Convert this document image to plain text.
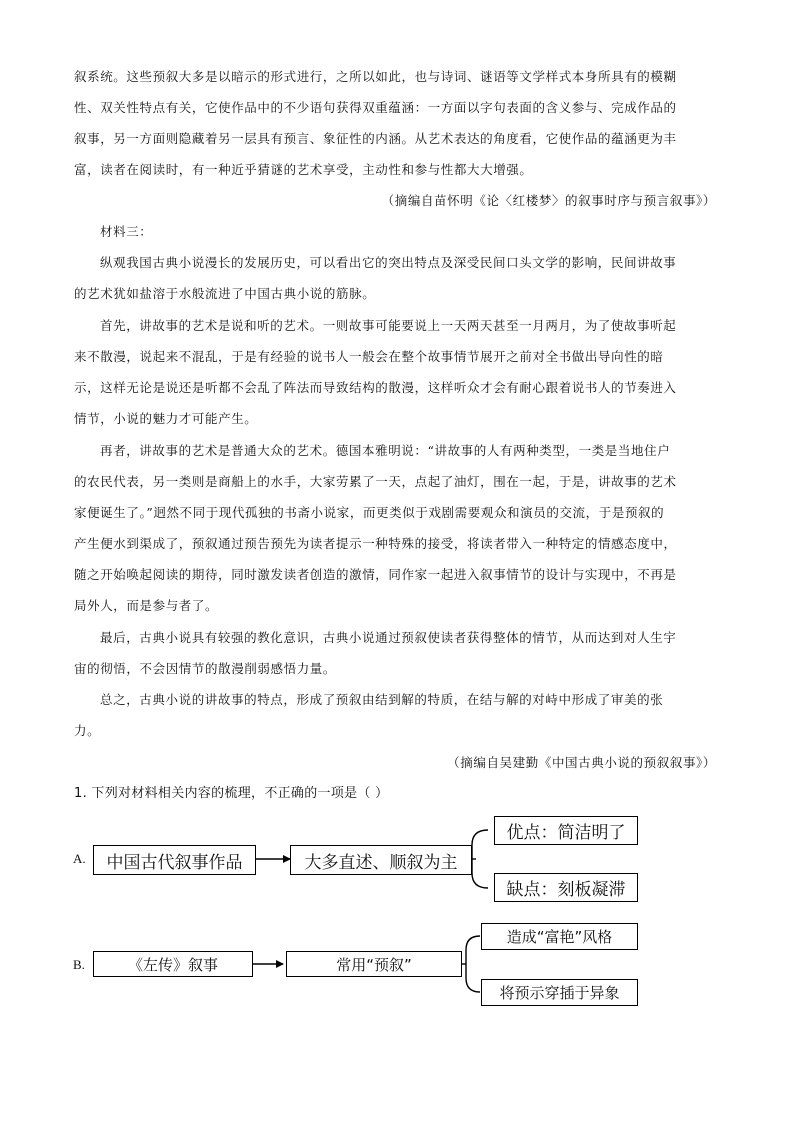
叙系统。这些预叙大多是以暗示的形式进行，之所以如此，也与诗词、谜语等文学样式本身所具有的模糊
性、双关性特点有关，它使作品中的不少语句获得双重蕴涵：一方面以字句表面的含义参与、完成作品的
叙事，另一方面则隐藏着另一层具有预言、象征性的内涵。从艺术表达的角度看，它使作品的蕴涵更为丰
富，读者在阅读时，有一种近乎猜谜的艺术享受，主动性和参与性都大大增强。
（摘编自苗怀明《论〈红楼梦〉的叙事时序与预言叙事》）
材料三：
纵观我国古典小说漫长的发展历史，可以看出它的突出特点及深受民间口头文学的影响，民间讲故事
的艺术犹如盐溶于水般流进了中国古典小说的筋脉。
首先，讲故事的艺术是说和听的艺术。一则故事可能要说上一天两天甚至一月两月，为了使故事听起
来不散漫，说起来不混乱，于是有经验的说书人一般会在整个故事情节展开之前对全书做出导向性的暗
示，这样无论是说还是听都不会乱了阵法而导致结构的散漫，这样听众才会有耐心跟着说书人的节奏进入
情节，小说的魅力才可能产生。
再者，讲故事的艺术是普通大众的艺术。德国本雅明说：“讲故事的人有两种类型，一类是当地住户
的农民代表，另一类则是商船上的水手，大家劳累了一天，点起了油灯，围在一起，于是，讲故事的艺术
家便诞生了。”迥然不同于现代孤独的书斋小说家，而更类似于戏剧需要观众和演员的交流，于是预叙的
产生便水到渠成了，预叙通过预告预先为读者提示一种特殊的接受，将读者带入一种特定的情感态度中，
随之开始唤起阅读的期待，同时激发读者创造的激情，同作家一起进入叙事情节的设计与实现中，不再是
局外人，而是参与者了。
最后，古典小说具有较强的教化意识，古典小说通过预叙使读者获得整体的情节，从而达到对人生宇
宙的彻悟，不会因情节的散漫削弱感悟力量。
总之，古典小说的讲故事的特点，形成了预叙由结到解的特质，在结与解的对峙中形成了审美的张
力。
（摘编自吴建勤《中国古典小说的预叙叙事》）
1. 下列对材料相关内容的梳理，不正确的一项是（ ）
A.	中国古代叙事作品	大多直述、顺叙为主
优点：简洁明了
缺点：刻板凝滞
B.	《左传》叙事	常用“预叙”
造成“富艳”风格
将预示穿插于异象
